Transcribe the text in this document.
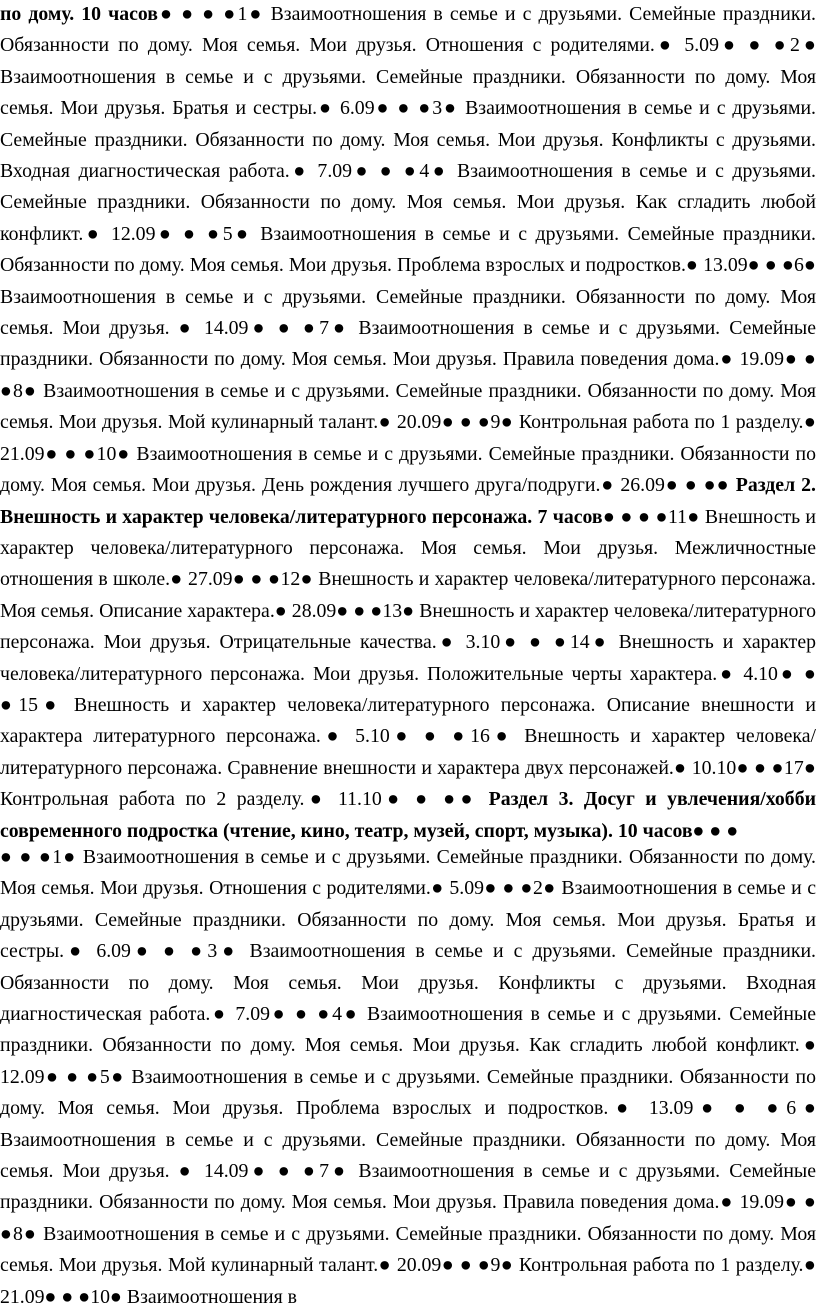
по дому. 10 часов● ● ● ●1● Взаимоотношения в семье и с друзьями. Семейные праздники. Обязанности по дому. Моя семья. Мои друзья. Отношения с родителями.● 5.09● ● ●2● Взаимоотношения в семье и с друзьями. Семейные праздники. Обязанности по дому. Моя семья. Мои друзья. Братья и сестры.● 6.09● ● ●3● Взаимоотношения в семье и с друзьями. Семейные праздники. Обязанности по дому. Моя семья. Мои друзья. Конфликты с друзьями. Входная диагностическая работа.● 7.09● ● ●4● Взаимоотношения в семье и с друзьями. Семейные праздники. Обязанности по дому. Моя семья. Мои друзья. Как сгладить любой конфликт.● 12.09● ● ●5● Взаимоотношения в семье и с друзьями. Семейные праздники. Обязанности по дому. Моя семья. Мои друзья. Проблема взрослых и подростков.● 13.09● ● ●6● Взаимоотношения в семье и с друзьями. Семейные праздники. Обязанности по дому. Моя семья. Мои друзья. ● 14.09● ● ●7● Взаимоотношения в семье и с друзьями. Семейные праздники. Обязанности по дому. Моя семья. Мои друзья. Правила поведения дома.● 19.09● ● ●8● Взаимоотношения в семье и с друзьями. Семейные праздники. Обязанности по дому. Моя семья. Мои друзья. Мой кулинарный талант.● 20.09● ● ●9● Контрольная работа по 1 разделу.● 21.09● ● ●10● Взаимоотношения в семье и с друзьями. Семейные праздники. Обязанности по дому. Моя семья. Мои друзья. День рождения лучшего друга/подруги.● 26.09● ● ●● Раздел 2. Внешность и характер человека/литературного персонажа. 7 часов● ● ● ●11● Внешность и характер человека/литературного персонажа. Моя семья. Мои друзья. Межличностные отношения в школе.● 27.09● ● ●12● Внешность и характер человека/литературного персонажа. Моя семья. Описание характера.● 28.09● ● ●13● Внешность и характер человека/литературного персонажа. Мои друзья. Отрицательные качества.● 3.10● ● ●14● Внешность и характер человека/литературного персонажа. Мои друзья. Положительные черты характера.● 4.10● ● ●15● Внешность и характер человека/литературного персонажа. Описание внешности и характера литературного персонажа.● 5.10● ● ●16● Внешность и характер человека/литературного персонажа. Сравнение внешности и характера двух персонажей.● 10.10● ● ●17● Контрольная работа по 2 разделу.● 11.10● ● ●● Раздел 3. Досуг и увлечения/хобби современного подростка (чтение, кино, театр, музей, спорт, музыка). 10 часов● ● ●

● ● ●1● Взаимоотношения в семье и с друзьями. Семейные праздники. Обязанности по дому. Моя семья. Мои друзья. Отношения с родителями.● 5.09● ● ●2● Взаимоотношения в семье и с друзьями. Семейные праздники. Обязанности по дому. Моя семья. Мои друзья. Братья и сестры.● 6.09● ● ●3● Взаимоотношения в семье и с друзьями. Семейные праздники. Обязанности по дому. Моя семья. Мои друзья. Конфликты с друзьями. Входная диагностическая работа.● 7.09● ● ●4● Взаимоотношения в семье и с друзьями. Семейные праздники. Обязанности по дому. Моя семья. Мои друзья. Как сгладить любой конфликт.● 12.09● ● ●5● Взаимоотношения в семье и с друзьями. Семейные праздники. Обязанности по дому. Моя семья. Мои друзья. Проблема взрослых и подростков.● 13.09● ● ●6● Взаимоотношения в семье и с друзьями. Семейные праздники. Обязанности по дому. Моя семья. Мои друзья. ● 14.09● ● ●7● Взаимоотношения в семье и с друзьями. Семейные праздники. Обязанности по дому. Моя семья. Мои друзья. Правила поведения дома.● 19.09● ● ●8● Взаимоотношения в семье и с друзьями. Семейные праздники. Обязанности по дому. Моя семья. Мои друзья. Мой кулинарный талант.● 20.09● ● ●9● Контрольная работа по 1 разделу.● 21.09● ● ●10● Взаимоотношения в
